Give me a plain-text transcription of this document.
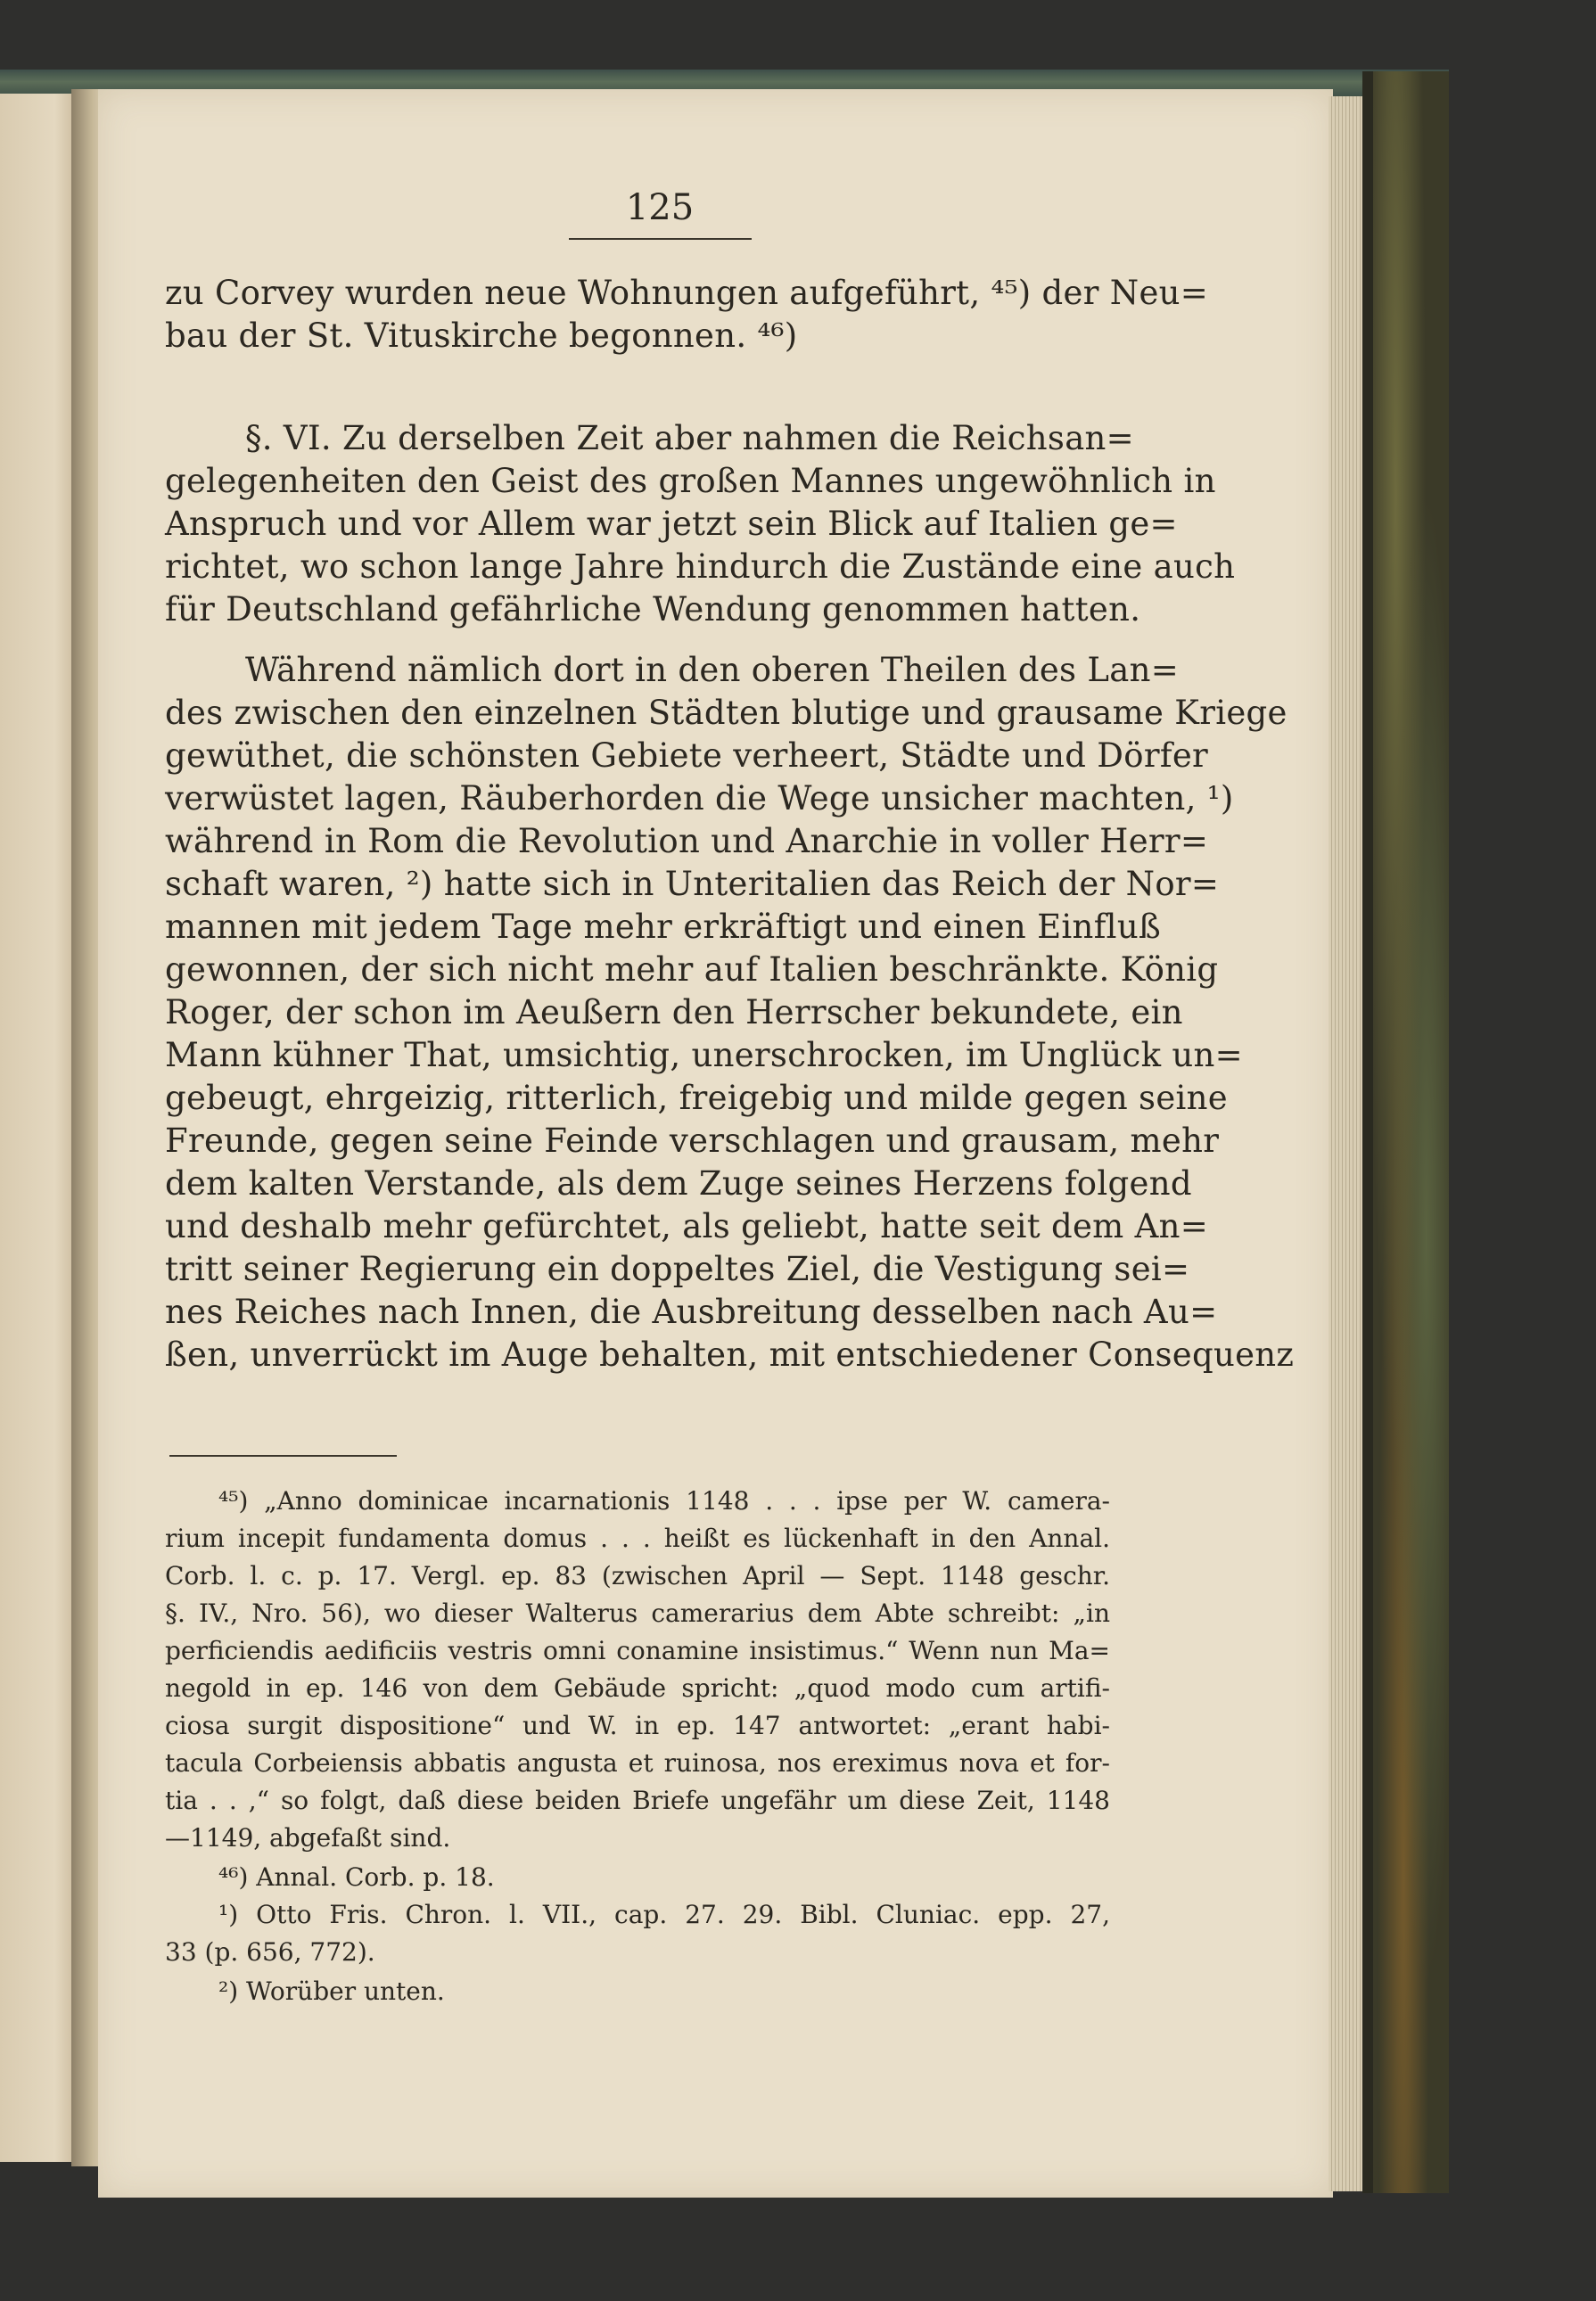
125
zu Corvey wurden neue Wohnungen aufgeführt, ⁴⁵) der Neu=
bau der St. Vituskirche begonnen. ⁴⁶)
§. VI. Zu derselben Zeit aber nahmen die Reichsan=
gelegenheiten den Geist des großen Mannes ungewöhnlich in
Anspruch und vor Allem war jetzt sein Blick auf Italien ge=
richtet, wo schon lange Jahre hindurch die Zustände eine auch
für Deutschland gefährliche Wendung genommen hatten.
Während nämlich dort in den oberen Theilen des Lan=
des zwischen den einzelnen Städten blutige und grausame Kriege
gewüthet, die schönsten Gebiete verheert, Städte und Dörfer
verwüstet lagen, Räuberhorden die Wege unsicher machten, ¹)
während in Rom die Revolution und Anarchie in voller Herr=
schaft waren, ²) hatte sich in Unteritalien das Reich der Nor=
mannen mit jedem Tage mehr erkräftigt und einen Einfluß
gewonnen, der sich nicht mehr auf Italien beschränkte. König
Roger, der schon im Aeußern den Herrscher bekundete, ein
Mann kühner That, umsichtig, unerschrocken, im Unglück un=
gebeugt, ehrgeizig, ritterlich, freigebig und milde gegen seine
Freunde, gegen seine Feinde verschlagen und grausam, mehr
dem kalten Verstande, als dem Zuge seines Herzens folgend
und deshalb mehr gefürchtet, als geliebt, hatte seit dem An=
tritt seiner Regierung ein doppeltes Ziel, die Vestigung sei=
nes Reiches nach Innen, die Ausbreitung desselben nach Au=
ßen, unverrückt im Auge behalten, mit entschiedener Consequenz
⁴⁵) „Anno dominicae incarnationis 1148 . . . ipse per W. camera-
rium incepit fundamenta domus . . . heißt es lückenhaft in den Annal.
Corb. l. c. p. 17. Vergl. ep. 83 (zwischen April — Sept. 1148 geschr.
§. IV., Nro. 56), wo dieser Walterus camerarius dem Abte schreibt: „in
perficiendis aedificiis vestris omni conamine insistimus.“ Wenn nun Ma=
negold in ep. 146 von dem Gebäude spricht: „quod modo cum artifi-
ciosa surgit dispositione“ und W. in ep. 147 antwortet: „erant habi-
tacula Corbeiensis abbatis angusta et ruinosa, nos ereximus nova et for-
tia . . ,“ so folgt, daß diese beiden Briefe ungefähr um diese Zeit, 1148
—1149, abgefaßt sind.
⁴⁶) Annal. Corb. p. 18.
¹) Otto Fris. Chron. l. VII., cap. 27. 29. Bibl. Cluniac. epp. 27,
33 (p. 656, 772).
²) Worüber unten.
